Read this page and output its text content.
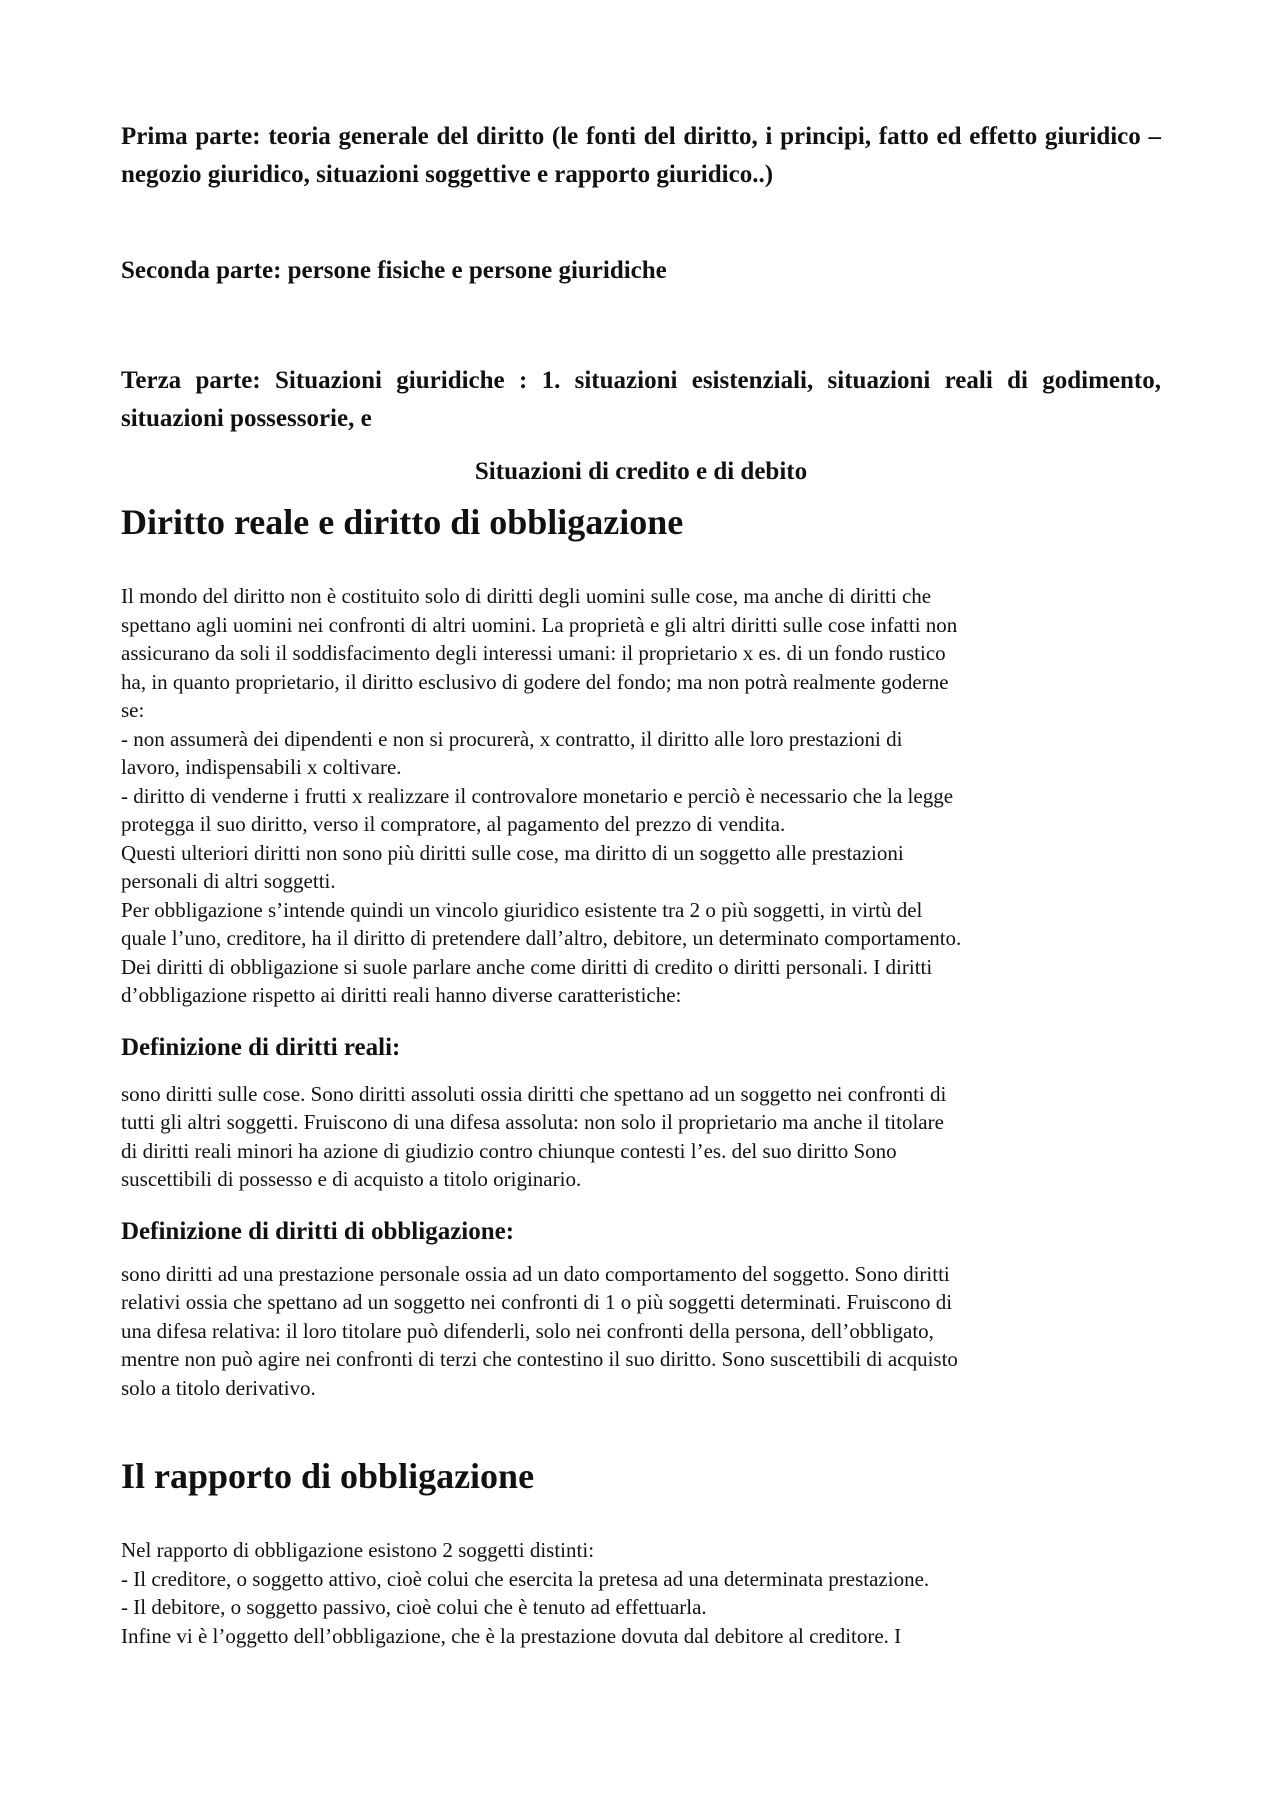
Prima parte: teoria generale del diritto (le fonti del diritto, i principi, fatto ed effetto giuridico – negozio giuridico, situazioni soggettive e rapporto giuridico..)

Seconda parte: persone fisiche e persone giuridiche

Terza parte: Situazioni giuridiche : 1. situazioni esistenziali, situazioni reali di godimento, situazioni possessorie, e

Situazioni di credito e di debito

Diritto reale e diritto di obbligazione
Il mondo del diritto non è costituito solo di diritti degli uomini sulle cose, ma anche di diritti che
spettano agli uomini nei confronti di altri uomini. La proprietà e gli altri diritti sulle cose infatti non
assicurano da soli il soddisfacimento degli interessi umani: il proprietario x es. di un fondo rustico
ha, in quanto proprietario, il diritto esclusivo di godere del fondo; ma non potrà realmente goderne
se:
- non assumerà dei dipendenti e non si procurerà, x contratto, il diritto alle loro prestazioni di
lavoro, indispensabili x coltivare.
- diritto di venderne i frutti x realizzare il controvalore monetario e perciò è necessario che la legge
protegga il suo diritto, verso il compratore, al pagamento del prezzo di vendita.
Questi ulteriori diritti non sono più diritti sulle cose, ma diritto di un soggetto alle prestazioni
personali di altri soggetti.
Per obbligazione s’intende quindi un vincolo giuridico esistente tra 2 o più soggetti, in virtù del
quale l’uno, creditore, ha il diritto di pretendere dall’altro, debitore, un determinato comportamento.
Dei diritti di obbligazione si suole parlare anche come diritti di credito o diritti personali. I diritti
d’obbligazione rispetto ai diritti reali hanno diverse caratteristiche:
Definizione di diritti reali:
sono diritti sulle cose. Sono diritti assoluti ossia diritti che spettano ad un soggetto nei confronti di
tutti gli altri soggetti. Fruiscono di una difesa assoluta: non solo il proprietario ma anche il titolare
di diritti reali minori ha azione di giudizio contro chiunque contesti l’es. del suo diritto Sono
suscettibili di possesso e di acquisto a titolo originario.
Definizione di diritti di obbligazione:
sono diritti ad una prestazione personale ossia ad un dato comportamento del soggetto. Sono diritti
relativi ossia che spettano ad un soggetto nei confronti di 1 o più soggetti determinati. Fruiscono di
una difesa relativa: il loro titolare può difenderli, solo nei confronti della persona, dell’obbligato,
mentre non può agire nei confronti di terzi che contestino il suo diritto. Sono suscettibili di acquisto
solo a titolo derivativo.
Il rapporto di obbligazione
Nel rapporto di obbligazione esistono 2 soggetti distinti:
- Il creditore, o soggetto attivo, cioè colui che esercita la pretesa ad una determinata prestazione.
- Il debitore, o soggetto passivo, cioè colui che è tenuto ad effettuarla.
Infine vi è l’oggetto dell’obbligazione, che è la prestazione dovuta dal debitore al creditore. I
